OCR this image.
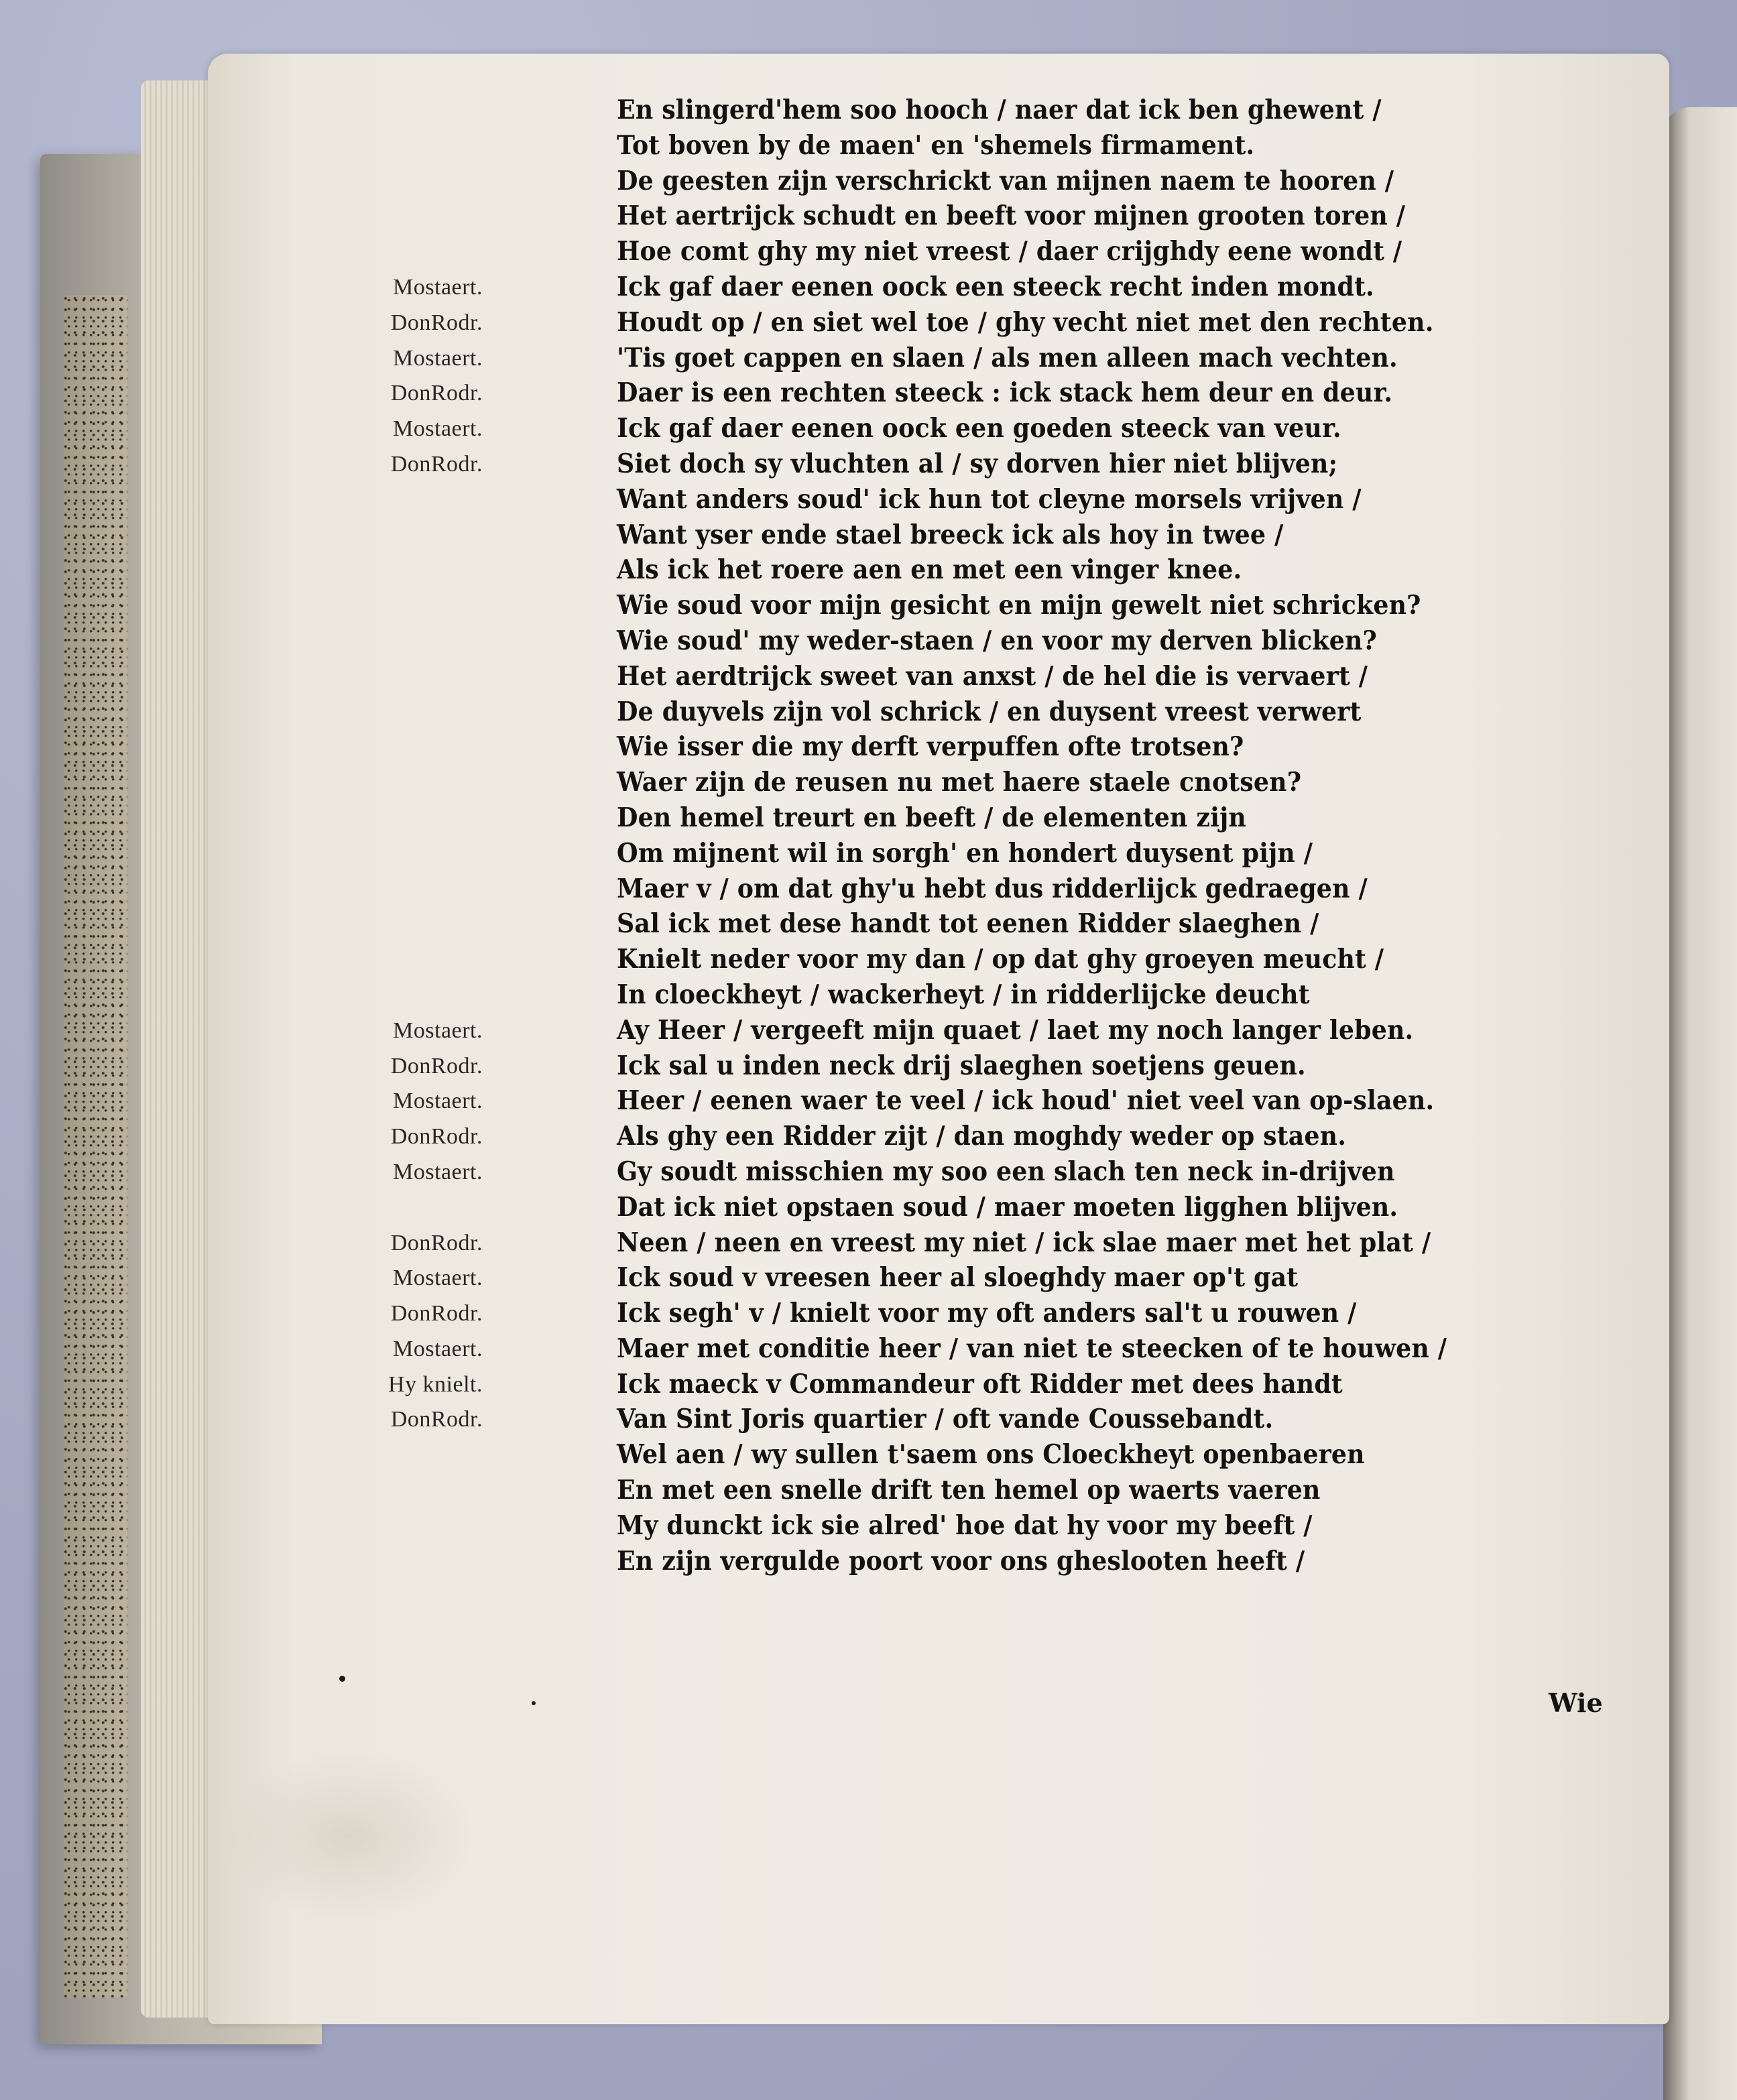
En slingerd'hem soo hooch / naer dat ick ben ghewent /
Tot boven by de maen' en 'shemels firmament.
De geesten zijn verschrickt van mijnen naem te hooren /
Het aertrijck schudt en beeft voor mijnen grooten toren /
Hoe comt ghy my niet vreest / daer crijghdy eene wondt /
Mostaert.	Ick gaf daer eenen oock een steeck recht inden mondt.
DonRodr.	Houdt op / en siet wel toe / ghy vecht niet met den rechten.
Mostaert.	'Tis goet cappen en slaen / als men alleen mach vechten.
DonRodr.	Daer is een rechten steeck : ick stack hem deur en deur.
Mostaert.	Ick gaf daer eenen oock een goeden steeck van veur.
DonRodr.	Siet doch sy vluchten al / sy dorven hier niet blijven;
Want anders soud' ick hun tot cleyne morsels vrijven /
Want yser ende stael breeck ick als hoy in twee /
Als ick het roere aen en met een vinger knee.
Wie soud voor mijn gesicht en mijn gewelt niet schricken?
Wie soud' my weder-staen / en voor my derven blicken?
Het aerdtrijck sweet van anxst / de hel die is vervaert /
De duyvels zijn vol schrick / en duysent vreest verwert
Wie isser die my derft verpuffen ofte trotsen?
Waer zijn de reusen nu met haere staele cnotsen?
Den hemel treurt en beeft / de elementen zijn
Om mijnent wil in sorgh' en hondert duysent pijn /
Maer v / om dat ghy'u hebt dus ridderlijck gedraegen /
Sal ick met dese handt tot eenen Ridder slaeghen /
Knielt neder voor my dan / op dat ghy groeyen meucht /
In cloeckheyt / wackerheyt / in ridderlijcke deucht
Mostaert.	Ay Heer / vergeeft mijn quaet / laet my noch langer leben.
DonRodr.	Ick sal u inden neck drij slaeghen soetjens geuen.
Mostaert.	Heer / eenen waer te veel / ick houd' niet veel van op-slaen.
DonRodr.	Als ghy een Ridder zijt / dan moghdy weder op staen.
Mostaert.	Gy soudt misschien my soo een slach ten neck in-drijven
Dat ick niet opstaen soud / maer moeten ligghen blijven.
DonRodr.	Neen / neen en vreest my niet / ick slae maer met het plat /
Mostaert.	Ick soud v vreesen heer al sloeghdy maer op't gat
DonRodr.	Ick segh' v / knielt voor my oft anders sal't u rouwen /
Mostaert.	Maer met conditie heer / van niet te steecken of te houwen /
Hy knielt.	Ick maeck v Commandeur oft Ridder met dees handt
DonRodr.	Van Sint Joris quartier / oft vande Coussebandt.
Wel aen / wy sullen t'saem ons Cloeckheyt openbaeren
En met een snelle drift ten hemel op waerts vaeren
My dunckt ick sie alred' hoe dat hy voor my beeft /
En zijn verguldе poort voor ons gheslooten heeft /
Wie
